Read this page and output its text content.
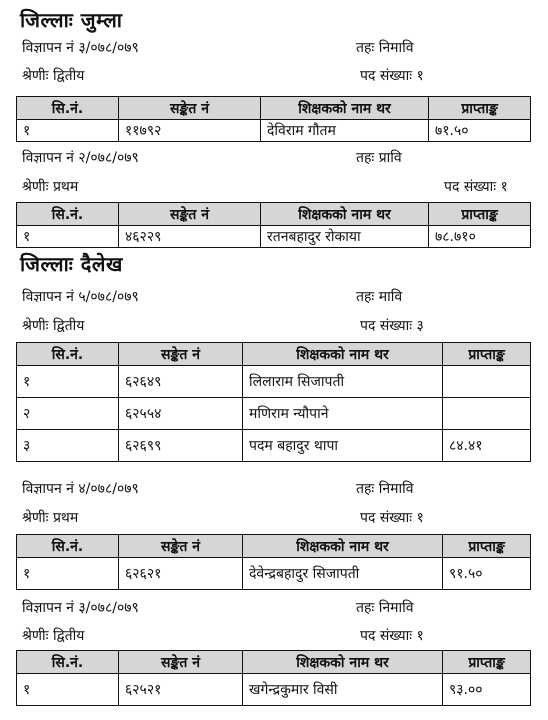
जिल्लाः जुम्ला
विज्ञापन नं ३/०७८/०७९	तहः निमावि
श्रेणीः द्वितीय	पद संख्याः १
सि.नं.	सङ्केत नं	शिक्षकको नाम थर	प्राप्ताङ्क
१	११७९२	देविराम गौतम	७१.५०
विज्ञापन नं २/०७८/०७९	तहः प्रावि
श्रेणीः प्रथम	पद संख्याः १
सि.नं.	सङ्केत नं	शिक्षकको नाम थर	प्राप्ताङ्क
१	४६२२९	रतनबहादुर रोकाया	७८.७१०
जिल्लाः दैलेख
विज्ञापन नं ५/०७८/०७९	तहः मावि
श्रेणीः द्वितीय	पद संख्याः ३
सि.नं.	सङ्केत नं	शिक्षकको नाम थर	प्राप्ताङ्क
१	६२६४९	लिलाराम सिजापती	
२	६२५५४	मणिराम न्यौपाने	
३	६२६९९	पदम बहादुर थापा	८४.४१
विज्ञापन नं ४/०७८/०७९	तहः निमावि
श्रेणीः प्रथम	पद संख्याः १
सि.नं.	सङ्केत नं	शिक्षकको नाम थर	प्राप्ताङ्क
१	६२६२१	देवेन्द्रबहादुर सिजापती	९१.५०
विज्ञापन नं ३/०७८/०७९	तहः निमावि
श्रेणीः द्वितीय	पद संख्याः १
सि.नं.	सङ्केत नं	शिक्षकको नाम थर	प्राप्ताङ्क
१	६२५२१	खगेन्द्रकुमार विसी	९३.००
